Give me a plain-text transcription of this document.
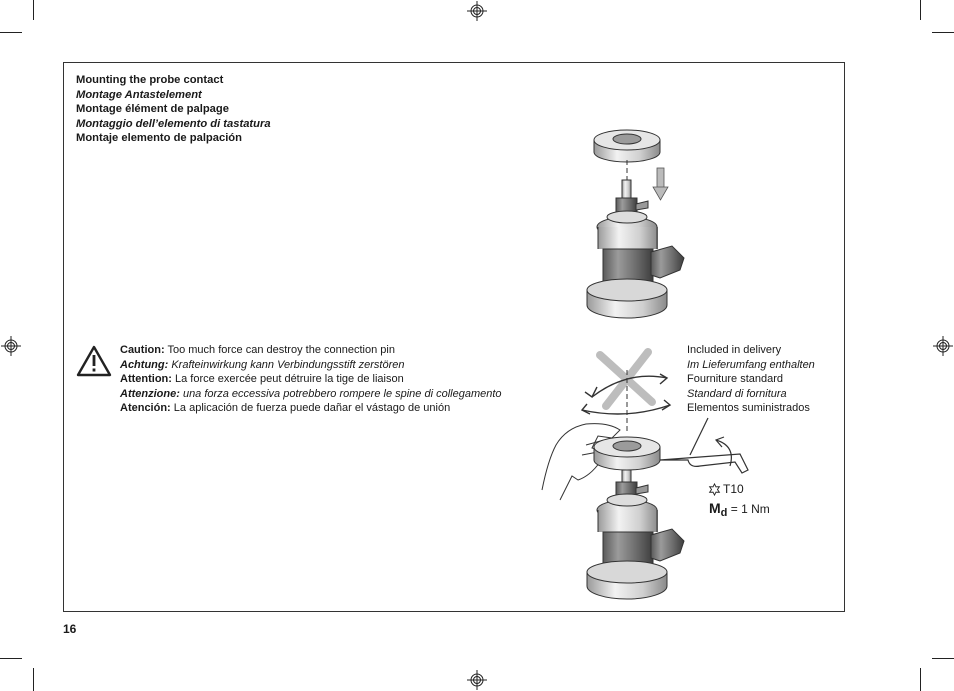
Mounting the probe contact
Montage Antastelement
Montage élément de palpage
Montaggio dell’elemento di tastatura
Montaje elemento de palpación
Caution: Too much force can destroy the connection pin
Achtung: Krafteinwirkung kann Verbindungsstift zerstören
Attention: La force exercée peut détruire la tige de liaison
Attenzione: una forza eccessiva potrebbero rompere le spine di collegamento
Atención: La aplicación de fuerza puede dañar el vástago de unión
Included in delivery
Im Lieferumfang enthalten
Fourniture standard
Standard di fornitura
Elementos suministrados
T10
Md = 1 Nm
16
